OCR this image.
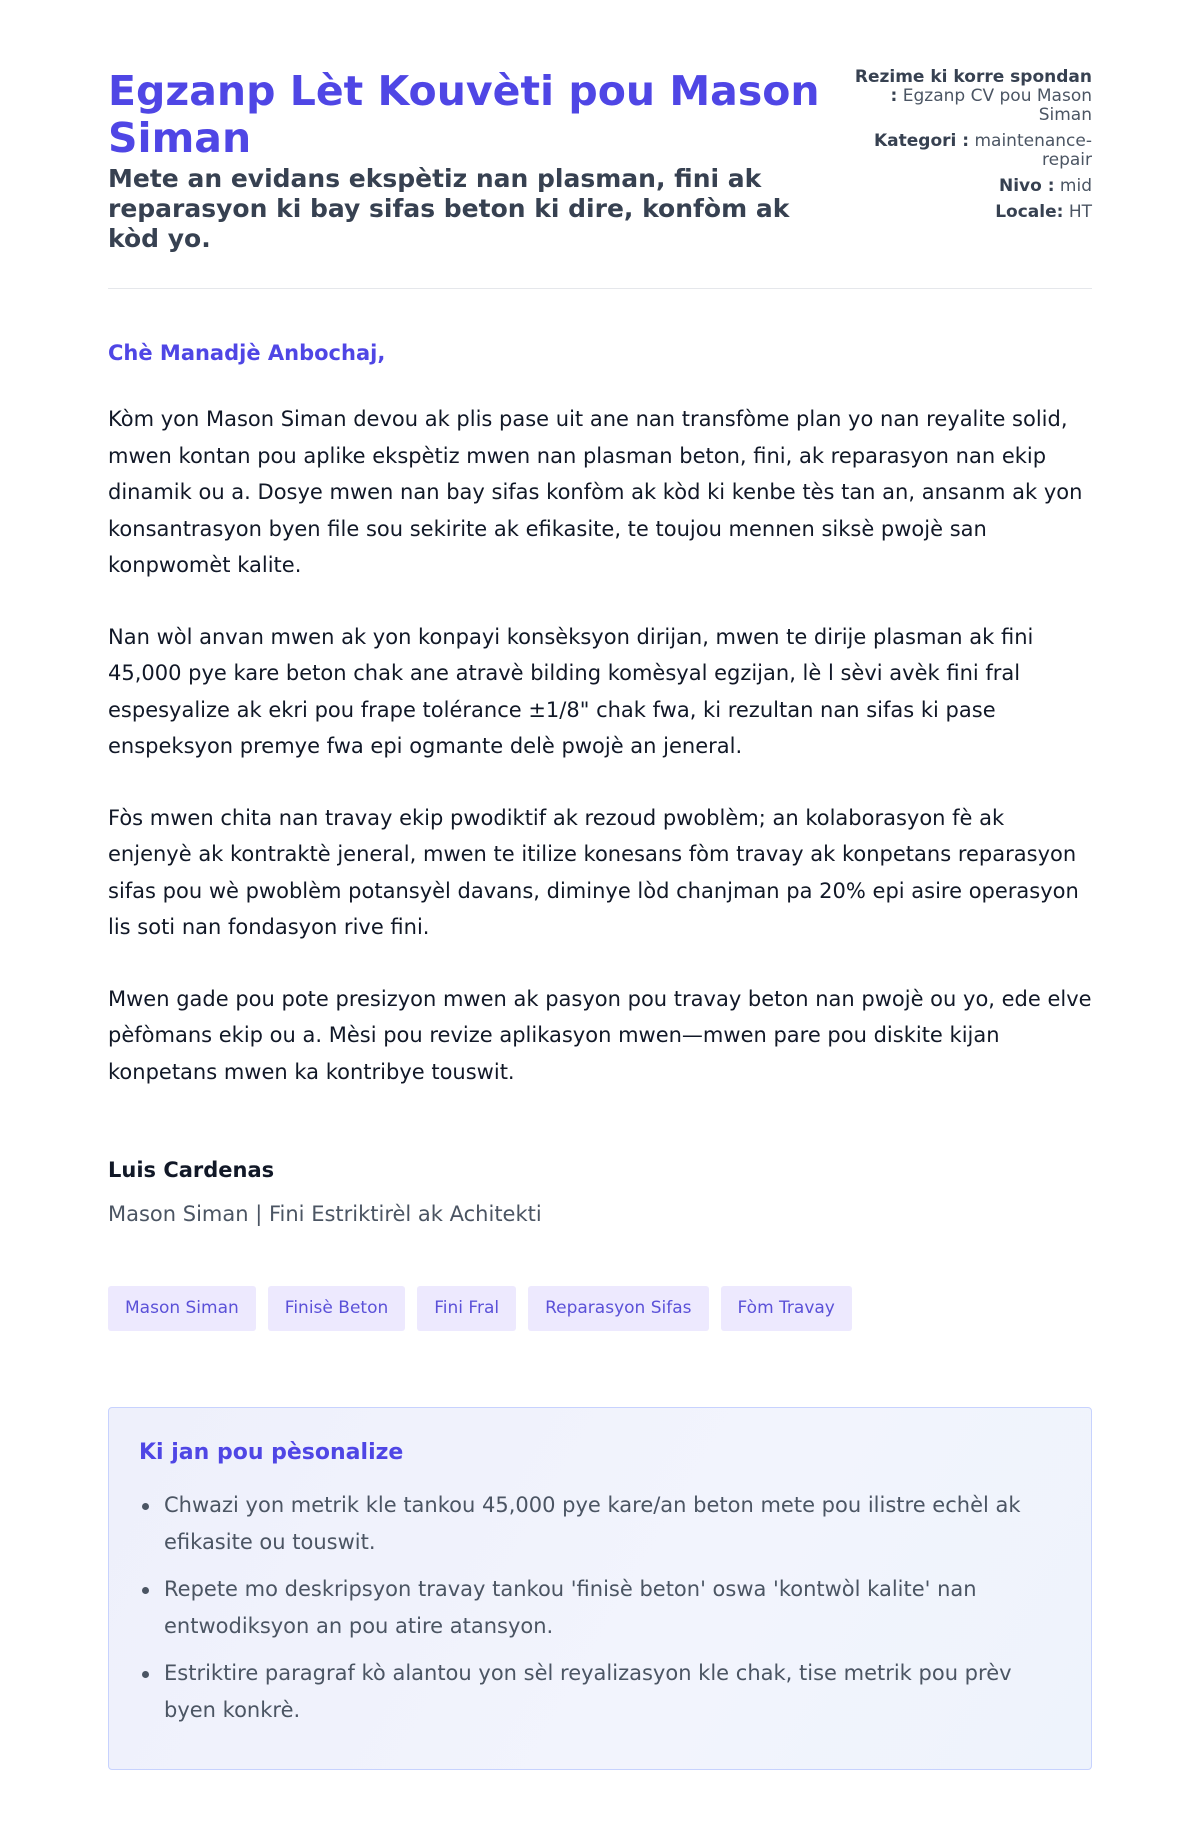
Egzanp Lèt Kouvèti pou Mason Siman
Mete an evidans ekspètiz nan plasman, fini ak reparasyon ki bay sifas beton ki dire, konfòm ak kòd yo.
Rezime ki korre spondan : Egzanp CV pou Mason Siman
Kategori : maintenance-repair
Nivo : mid
Locale: HT
Chè Manadjè Anbochaj,

Kòm yon Mason Siman devou ak plis pase uit ane nan transfòme plan yo nan reyalite solid, mwen kontan pou aplike ekspètiz mwen nan plasman beton, fini, ak reparasyon nan ekip dinamik ou a. Dosye mwen nan bay sifas konfòm ak kòd ki kenbe tès tan an, ansanm ak yon konsantrasyon byen file sou sekirite ak efikasite, te toujou mennen siksè pwojè san konpwomèt kalite.

Nan wòl anvan mwen ak yon konpayi konsèksyon dirijan, mwen te dirije plasman ak fini 45,000 pye kare beton chak ane atravè bilding komèsyal egzijan, lè l sèvi avèk fini fral espesyalize ak ekri pou frape tolérance ±1/8" chak fwa, ki rezultan nan sifas ki pase enspeksyon premye fwa epi ogmante delè pwojè an jeneral.

Fòs mwen chita nan travay ekip pwodiktif ak rezoud pwoblèm; an kolaborasyon fè ak enjenyè ak kontraktè jeneral, mwen te itilize konesans fòm travay ak konpetans reparasyon sifas pou wè pwoblèm potansyèl davans, diminye lòd chanjman pa 20% epi asire operasyon lis soti nan fondasyon rive fini.

Mwen gade pou pote presizyon mwen ak pasyon pou travay beton nan pwojè ou yo, ede elve pèfòmans ekip ou a. Mèsi pou revize aplikasyon mwen—mwen pare pou diskite kijan konpetans mwen ka kontribye touswit.

Luis Cardenas
Mason Siman | Fini Estriktirèl ak Achitekti
Mason Siman	Finisè Beton	Fini Fral	Reparasyon Sifas	Fòm Travay
Ki jan pou pèsonalize
Chwazi yon metrik kle tankou 45,000 pye kare/an beton mete pou ilistre echèl ak efikasite ou touswit.
Repete mo deskripsyon travay tankou 'finisè beton' oswa 'kontwòl kalite' nan entwodiksyon an pou atire atansyon.
Estriktire paragraf kò alantou yon sèl reyalizasyon kle chak, tise metrik pou prèv byen konkrè.
